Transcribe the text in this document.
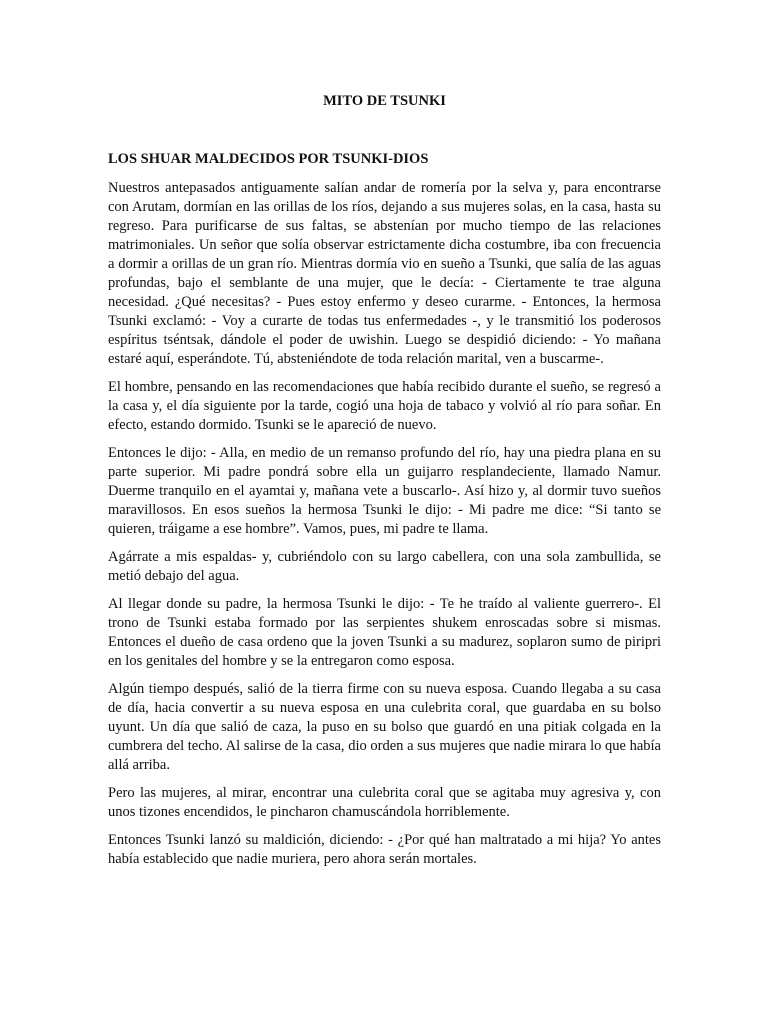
MITO DE TSUNKI
LOS SHUAR MALDECIDOS POR TSUNKI-DIOS

Nuestros antepasados antiguamente salían andar de romería por la selva y, para encontrarse con Arutam, dormían en las orillas de los ríos, dejando a sus mujeres solas, en la casa, hasta su regreso. Para purificarse de sus faltas, se abstenían por mucho tiempo de las relaciones matrimoniales. Un señor que solía observar estrictamente dicha costumbre, iba con frecuencia a dormir a orillas de un gran río. Mientras dormía vio en sueño a Tsunki, que salía de las aguas profundas, bajo el semblante de una mujer, que le decía: - Ciertamente te trae alguna necesidad. ¿Qué necesitas? - Pues estoy enfermo y deseo curarme. - Entonces, la hermosa Tsunki exclamó: - Voy a curarte de todas tus enfermedades -, y le transmitió los poderosos espíritus tséntsak, dándole el poder de uwishin. Luego se despidió diciendo: - Yo mañana estaré aquí, esperándote. Tú, absteniéndote de toda relación marital, ven a buscarme-.

El hombre, pensando en las recomendaciones que había recibido durante el sueño, se regresó a la casa y, el día siguiente por la tarde, cogió una hoja de tabaco y volvió al río para soñar. En efecto, estando dormido. Tsunki se le apareció de nuevo.

Entonces le dijo: - Alla, en medio de un remanso profundo del río, hay una piedra plana en su parte superior. Mi padre pondrá sobre ella un guijarro resplandeciente, llamado Namur. Duerme tranquilo en el ayamtai y, mañana vete a buscarlo-. Así hizo y, al dormir tuvo sueños maravillosos. En esos sueños la hermosa Tsunki le dijo: - Mi padre me dice: “Si tanto se quieren, tráigame a ese hombre”. Vamos, pues, mi padre te llama.

Agárrate a mis espaldas- y, cubriéndolo con su largo cabellera, con una sola zambullida, se metió debajo del agua.

Al llegar donde su padre, la hermosa Tsunki le dijo: - Te he traído al valiente guerrero-. El trono de Tsunki estaba formado por las serpientes shukem enroscadas sobre si mismas. Entonces el dueño de casa ordeno que la joven Tsunki a su madurez, soplaron sumo de piripri en los genitales del hombre y se la entregaron como esposa.

Algún tiempo después, salió de la tierra firme con su nueva esposa. Cuando llegaba a su casa de día, hacia convertir a su nueva esposa en una culebrita coral, que guardaba en su bolso uyunt. Un día que salió de caza, la puso en su bolso que guardó en una pitiak colgada en la cumbrera del techo. Al salirse de la casa, dio orden a sus mujeres que nadie mirara lo que había allá arriba.

Pero las mujeres, al mirar, encontrar una culebrita coral que se agitaba muy agresiva y, con unos tizones encendidos, le pincharon chamuscándola horriblemente.

Entonces Tsunki lanzó su maldición, diciendo: - ¿Por qué han maltratado a mi hija? Yo antes había establecido que nadie muriera, pero ahora serán mortales.
